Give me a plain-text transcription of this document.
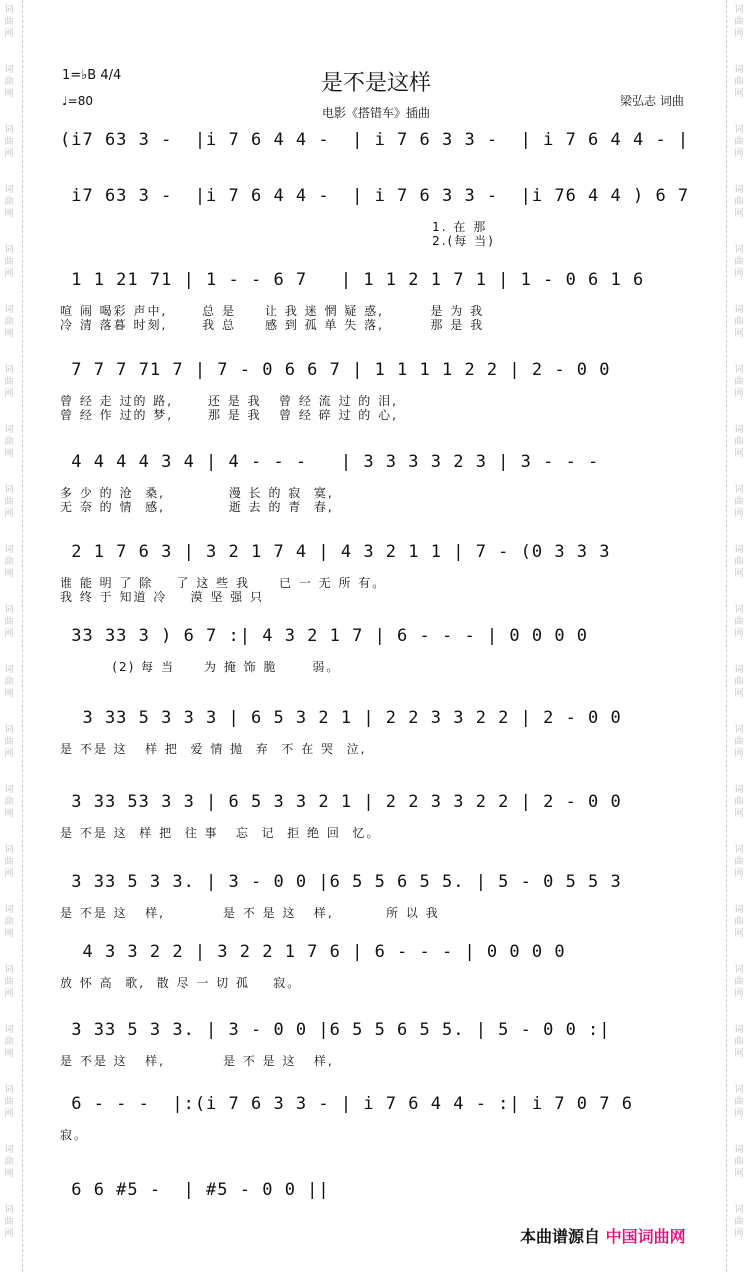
词
曲
网
词
曲
网
词
曲
网
词
曲
网
词
曲
网
词
曲
网
词
曲
网
词
曲
网
词
曲
网
词
曲
网
词
曲
网
词
曲
网
词
曲
网
词
曲
网
词
曲
网
词
曲
网
词
曲
网
词
曲
网
词
曲
网
词
曲
网
词
曲
网
词
曲
网
词
曲
网
词
曲
网
词
曲
网
词
曲
网
词
曲
网
词
曲
网
词
曲
网
词
曲
网
词
曲
网
词
曲
网
词
曲
网
词
曲
网
词
曲
网
词
曲
网
词
曲
网
词
曲
网
词
曲
网
词
曲
网
词
曲
网
词
曲
网
1=♭B 4/4
♩=80
是不是这样
电影《搭错车》插曲
梁弘志 词曲
(i7 63 3 -  |i 7 6 4 4 -  | i 7 6 3 3 -  | i 7 6 4 4 - |
i7 63 3 -  |i 7 6 4 4 -  | i 7 6 3 3 -  |i 76 4 4 ) 6 7
1. 在 那
2.(每 当)
1 1 21 71 | 1 - - 6 7   | 1 1 2 1 7 1 | 1 - 0 6 1 6
喧 闹 喝彩 声中,      总 是     让 我 迷 惘 疑 惑,        是 为 我
冷 清 落暮 时刻,      我 总     感 到 孤 单 失 落,        那 是 我
7 7 7 71 7 | 7 - 0 6 6 7 | 1 1 1 1 2 2 | 2 - 0 0
曾 经 走 过的 路,      还 是 我   曾 经 流 过 的 泪,
曾 经 作 过的 梦,      那 是 我   曾 经 碎 过 的 心,
4 4 4 4 3 4 | 4 - - -   | 3 3 3 3 2 3 | 3 - - -
多 少 的 沧  桑,           漫 长 的 寂  寞,
无 奈 的 情  感,           逝 去 的 青  春,
2 1 7 6 3 | 3 2 1 7 4 | 4 3 2 1 1 | 7 - (0 3 3 3
谁 能 明 了 除    了 这 些 我     已 一 无 所 有。
我 终 于 知道 冷    漠 坚 强 只
33 33 3 ) 6 7 :| 4 3 2 1 7 | 6 - - - | 0 0 0 0
(2) 每 当     为 掩 饰 脆      弱。
3 33 5 3 3 3 | 6 5 3 2 1 | 2 2 3 3 2 2 | 2 - 0 0
是 不是 这   样 把  爱 情 抛  弃  不 在 哭  泣,
3 33 53 3 3 | 6 5 3 3 2 1 | 2 2 3 3 2 2 | 2 - 0 0
是 不是 这  样 把  往 事   忘  记  拒 绝 回  忆。
3 33 5 3 3. | 3 - 0 0 |6 5 5 6 5 5. | 5 - 0 5 5 3
是 不是 这   样,          是 不 是 这   样,         所 以 我
4 3 3 2 2 | 3 2 2 1 7 6 | 6 - - - | 0 0 0 0
放 怀 高  歌,  散 尽 一 切 孤    寂。
3 33 5 3 3. | 3 - 0 0 |6 5 5 6 5 5. | 5 - 0 0 :|
是 不是 这   样,          是 不 是 这   样,
6 - - -  |:(i 7 6 3 3 - | i 7 6 4 4 - :| i 7 0 7 6
寂。
6 6 #5 -  | #5 - 0 0 ||
本曲谱源自 中国词曲网
